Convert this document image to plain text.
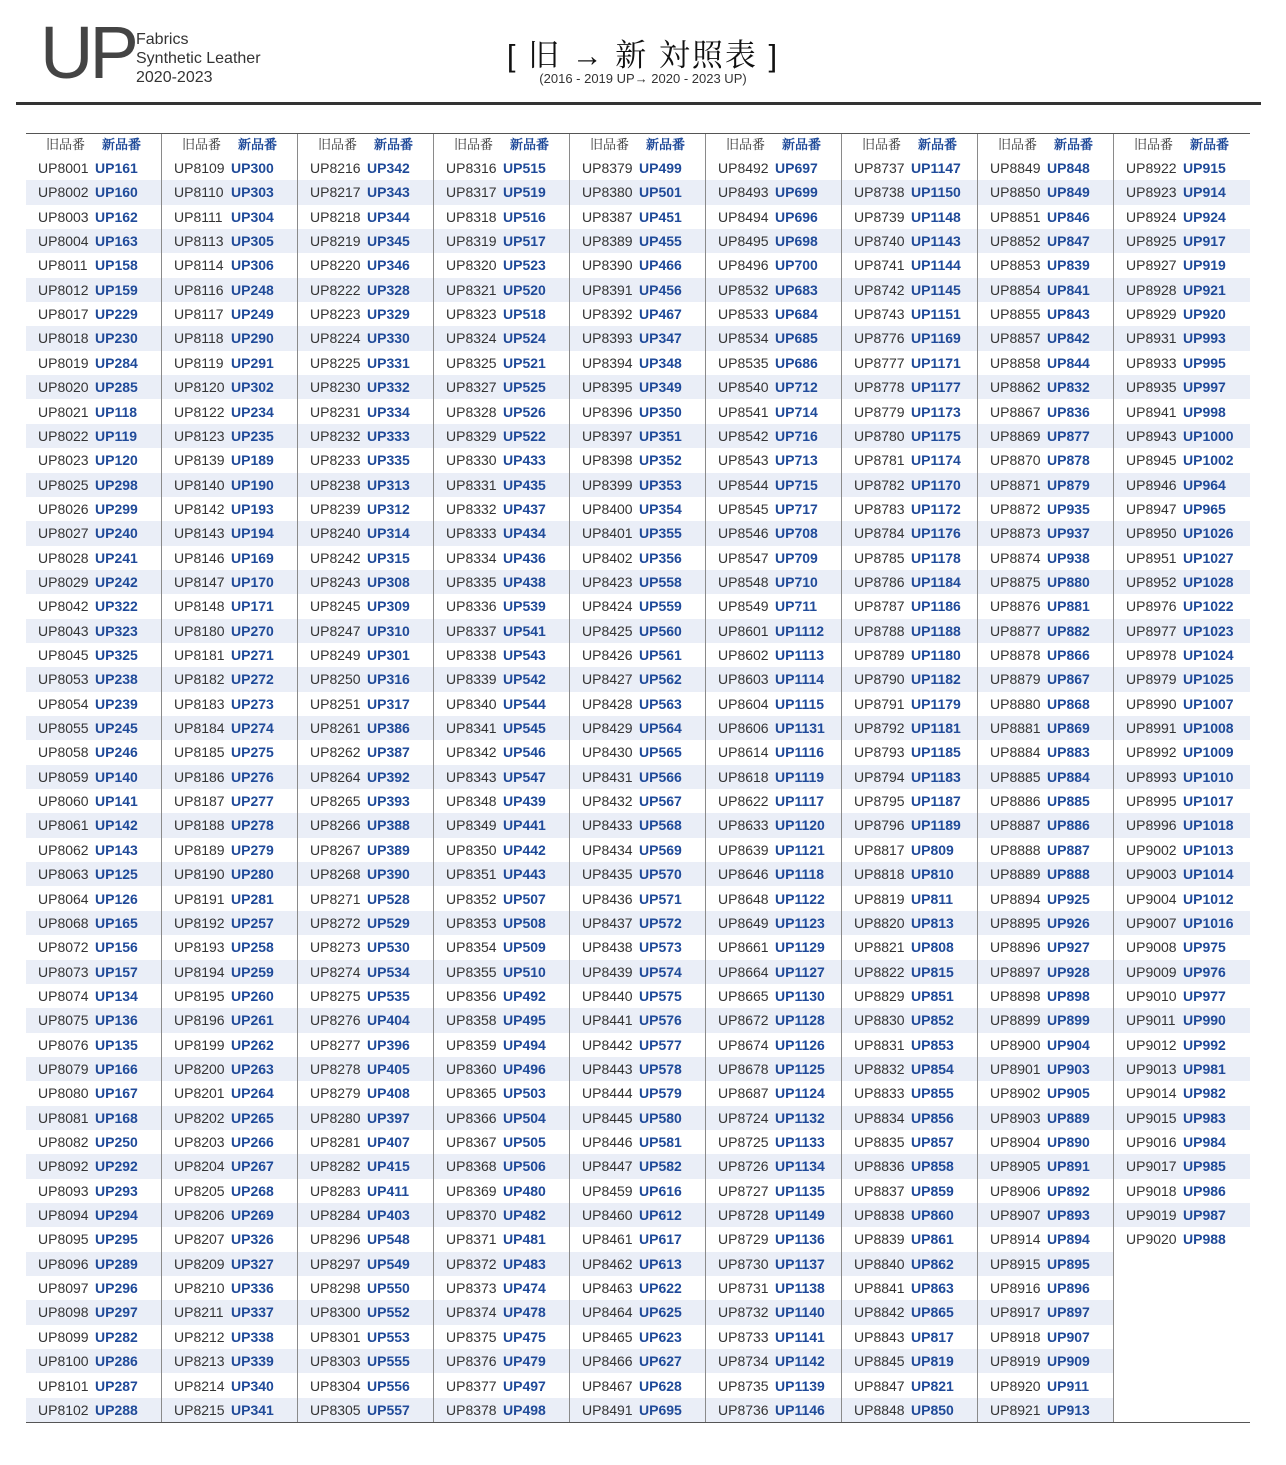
UP Fabrics
Synthetic Leather
2020-2023
[ 旧 → 新 対照表 ]
(2016 - 2019 UP→ 2020 - 2023 UP)
旧品番 新品番
UP8001 UP161
UP8002 UP160
UP8003 UP162
UP8004 UP163
UP8011 UP158
UP8012 UP159
UP8017 UP229
UP8018 UP230
UP8019 UP284
UP8020 UP285
UP8021 UP118
UP8022 UP119
UP8023 UP120
UP8025 UP298
UP8026 UP299
UP8027 UP240
UP8028 UP241
UP8029 UP242
UP8042 UP322
UP8043 UP323
UP8045 UP325
UP8053 UP238
UP8054 UP239
UP8055 UP245
UP8058 UP246
UP8059 UP140
UP8060 UP141
UP8061 UP142
UP8062 UP143
UP8063 UP125
UP8064 UP126
UP8068 UP165
UP8072 UP156
UP8073 UP157
UP8074 UP134
UP8075 UP136
UP8076 UP135
UP8079 UP166
UP8080 UP167
UP8081 UP168
UP8082 UP250
UP8092 UP292
UP8093 UP293
UP8094 UP294
UP8095 UP295
UP8096 UP289
UP8097 UP296
UP8098 UP297
UP8099 UP282
UP8100 UP286
UP8101 UP287
UP8102 UP288
旧品番 新品番
UP8109 UP300
UP8110 UP303
UP8111 UP304
UP8113 UP305
UP8114 UP306
UP8116 UP248
UP8117 UP249
UP8118 UP290
UP8119 UP291
UP8120 UP302
UP8122 UP234
UP8123 UP235
UP8139 UP189
UP8140 UP190
UP8142 UP193
UP8143 UP194
UP8146 UP169
UP8147 UP170
UP8148 UP171
UP8180 UP270
UP8181 UP271
UP8182 UP272
UP8183 UP273
UP8184 UP274
UP8185 UP275
UP8186 UP276
UP8187 UP277
UP8188 UP278
UP8189 UP279
UP8190 UP280
UP8191 UP281
UP8192 UP257
UP8193 UP258
UP8194 UP259
UP8195 UP260
UP8196 UP261
UP8199 UP262
UP8200 UP263
UP8201 UP264
UP8202 UP265
UP8203 UP266
UP8204 UP267
UP8205 UP268
UP8206 UP269
UP8207 UP326
UP8209 UP327
UP8210 UP336
UP8211 UP337
UP8212 UP338
UP8213 UP339
UP8214 UP340
UP8215 UP341
旧品番 新品番
UP8216 UP342
UP8217 UP343
UP8218 UP344
UP8219 UP345
UP8220 UP346
UP8222 UP328
UP8223 UP329
UP8224 UP330
UP8225 UP331
UP8230 UP332
UP8231 UP334
UP8232 UP333
UP8233 UP335
UP8238 UP313
UP8239 UP312
UP8240 UP314
UP8242 UP315
UP8243 UP308
UP8245 UP309
UP8247 UP310
UP8249 UP301
UP8250 UP316
UP8251 UP317
UP8261 UP386
UP8262 UP387
UP8264 UP392
UP8265 UP393
UP8266 UP388
UP8267 UP389
UP8268 UP390
UP8271 UP528
UP8272 UP529
UP8273 UP530
UP8274 UP534
UP8275 UP535
UP8276 UP404
UP8277 UP396
UP8278 UP405
UP8279 UP408
UP8280 UP397
UP8281 UP407
UP8282 UP415
UP8283 UP411
UP8284 UP403
UP8296 UP548
UP8297 UP549
UP8298 UP550
UP8300 UP552
UP8301 UP553
UP8303 UP555
UP8304 UP556
UP8305 UP557
旧品番 新品番
UP8316 UP515
UP8317 UP519
UP8318 UP516
UP8319 UP517
UP8320 UP523
UP8321 UP520
UP8323 UP518
UP8324 UP524
UP8325 UP521
UP8327 UP525
UP8328 UP526
UP8329 UP522
UP8330 UP433
UP8331 UP435
UP8332 UP437
UP8333 UP434
UP8334 UP436
UP8335 UP438
UP8336 UP539
UP8337 UP541
UP8338 UP543
UP8339 UP542
UP8340 UP544
UP8341 UP545
UP8342 UP546
UP8343 UP547
UP8348 UP439
UP8349 UP441
UP8350 UP442
UP8351 UP443
UP8352 UP507
UP8353 UP508
UP8354 UP509
UP8355 UP510
UP8356 UP492
UP8358 UP495
UP8359 UP494
UP8360 UP496
UP8365 UP503
UP8366 UP504
UP8367 UP505
UP8368 UP506
UP8369 UP480
UP8370 UP482
UP8371 UP481
UP8372 UP483
UP8373 UP474
UP8374 UP478
UP8375 UP475
UP8376 UP479
UP8377 UP497
UP8378 UP498
旧品番 新品番
UP8379 UP499
UP8380 UP501
UP8387 UP451
UP8389 UP455
UP8390 UP466
UP8391 UP456
UP8392 UP467
UP8393 UP347
UP8394 UP348
UP8395 UP349
UP8396 UP350
UP8397 UP351
UP8398 UP352
UP8399 UP353
UP8400 UP354
UP8401 UP355
UP8402 UP356
UP8423 UP558
UP8424 UP559
UP8425 UP560
UP8426 UP561
UP8427 UP562
UP8428 UP563
UP8429 UP564
UP8430 UP565
UP8431 UP566
UP8432 UP567
UP8433 UP568
UP8434 UP569
UP8435 UP570
UP8436 UP571
UP8437 UP572
UP8438 UP573
UP8439 UP574
UP8440 UP575
UP8441 UP576
UP8442 UP577
UP8443 UP578
UP8444 UP579
UP8445 UP580
UP8446 UP581
UP8447 UP582
UP8459 UP616
UP8460 UP612
UP8461 UP617
UP8462 UP613
UP8463 UP622
UP8464 UP625
UP8465 UP623
UP8466 UP627
UP8467 UP628
UP8491 UP695
旧品番 新品番
UP8492 UP697
UP8493 UP699
UP8494 UP696
UP8495 UP698
UP8496 UP700
UP8532 UP683
UP8533 UP684
UP8534 UP685
UP8535 UP686
UP8540 UP712
UP8541 UP714
UP8542 UP716
UP8543 UP713
UP8544 UP715
UP8545 UP717
UP8546 UP708
UP8547 UP709
UP8548 UP710
UP8549 UP711
UP8601 UP1112
UP8602 UP1113
UP8603 UP1114
UP8604 UP1115
UP8606 UP1131
UP8614 UP1116
UP8618 UP1119
UP8622 UP1117
UP8633 UP1120
UP8639 UP1121
UP8646 UP1118
UP8648 UP1122
UP8649 UP1123
UP8661 UP1129
UP8664 UP1127
UP8665 UP1130
UP8672 UP1128
UP8674 UP1126
UP8678 UP1125
UP8687 UP1124
UP8724 UP1132
UP8725 UP1133
UP8726 UP1134
UP8727 UP1135
UP8728 UP1149
UP8729 UP1136
UP8730 UP1137
UP8731 UP1138
UP8732 UP1140
UP8733 UP1141
UP8734 UP1142
UP8735 UP1139
UP8736 UP1146
旧品番 新品番
UP8737 UP1147
UP8738 UP1150
UP8739 UP1148
UP8740 UP1143
UP8741 UP1144
UP8742 UP1145
UP8743 UP1151
UP8776 UP1169
UP8777 UP1171
UP8778 UP1177
UP8779 UP1173
UP8780 UP1175
UP8781 UP1174
UP8782 UP1170
UP8783 UP1172
UP8784 UP1176
UP8785 UP1178
UP8786 UP1184
UP8787 UP1186
UP8788 UP1188
UP8789 UP1180
UP8790 UP1182
UP8791 UP1179
UP8792 UP1181
UP8793 UP1185
UP8794 UP1183
UP8795 UP1187
UP8796 UP1189
UP8817 UP809
UP8818 UP810
UP8819 UP811
UP8820 UP813
UP8821 UP808
UP8822 UP815
UP8829 UP851
UP8830 UP852
UP8831 UP853
UP8832 UP854
UP8833 UP855
UP8834 UP856
UP8835 UP857
UP8836 UP858
UP8837 UP859
UP8838 UP860
UP8839 UP861
UP8840 UP862
UP8841 UP863
UP8842 UP865
UP8843 UP817
UP8845 UP819
UP8847 UP821
UP8848 UP850
旧品番 新品番
UP8849 UP848
UP8850 UP849
UP8851 UP846
UP8852 UP847
UP8853 UP839
UP8854 UP841
UP8855 UP843
UP8857 UP842
UP8858 UP844
UP8862 UP832
UP8867 UP836
UP8869 UP877
UP8870 UP878
UP8871 UP879
UP8872 UP935
UP8873 UP937
UP8874 UP938
UP8875 UP880
UP8876 UP881
UP8877 UP882
UP8878 UP866
UP8879 UP867
UP8880 UP868
UP8881 UP869
UP8884 UP883
UP8885 UP884
UP8886 UP885
UP8887 UP886
UP8888 UP887
UP8889 UP888
UP8894 UP925
UP8895 UP926
UP8896 UP927
UP8897 UP928
UP8898 UP898
UP8899 UP899
UP8900 UP904
UP8901 UP903
UP8902 UP905
UP8903 UP889
UP8904 UP890
UP8905 UP891
UP8906 UP892
UP8907 UP893
UP8914 UP894
UP8915 UP895
UP8916 UP896
UP8917 UP897
UP8918 UP907
UP8919 UP909
UP8920 UP911
UP8921 UP913
旧品番 新品番
UP8922 UP915
UP8923 UP914
UP8924 UP924
UP8925 UP917
UP8927 UP919
UP8928 UP921
UP8929 UP920
UP8931 UP993
UP8933 UP995
UP8935 UP997
UP8941 UP998
UP8943 UP1000
UP8945 UP1002
UP8946 UP964
UP8947 UP965
UP8950 UP1026
UP8951 UP1027
UP8952 UP1028
UP8976 UP1022
UP8977 UP1023
UP8978 UP1024
UP8979 UP1025
UP8990 UP1007
UP8991 UP1008
UP8992 UP1009
UP8993 UP1010
UP8995 UP1017
UP8996 UP1018
UP9002 UP1013
UP9003 UP1014
UP9004 UP1012
UP9007 UP1016
UP9008 UP975
UP9009 UP976
UP9010 UP977
UP9011 UP990
UP9012 UP992
UP9013 UP981
UP9014 UP982
UP9015 UP983
UP9016 UP984
UP9017 UP985
UP9018 UP986
UP9019 UP987
UP9020 UP988
